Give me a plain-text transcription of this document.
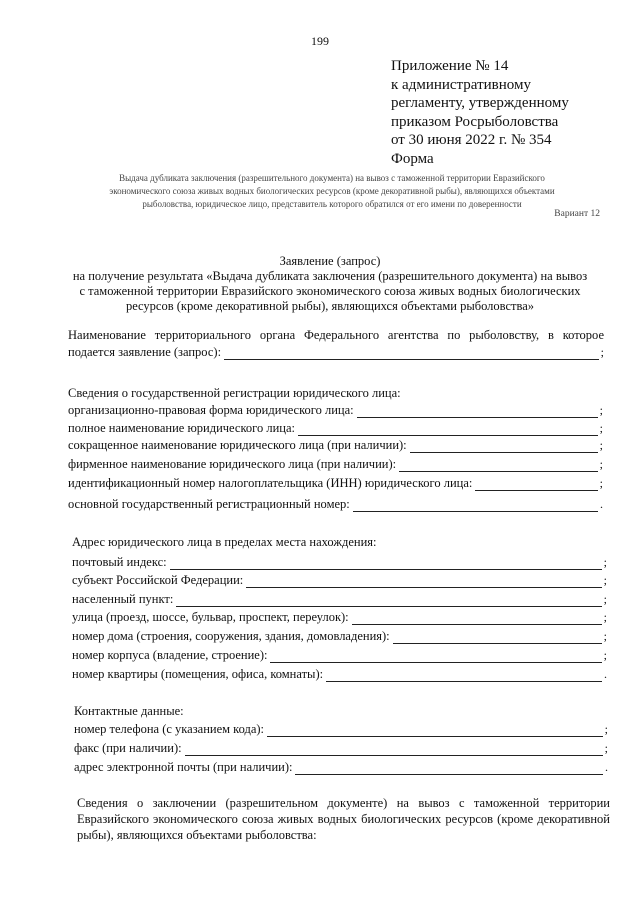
199
Приложение № 14
к административному
регламенту, утвержденному
приказом Росрыболовства
от 30 июня 2022 г. № 354
Форма
Выдача дубликата заключения (разрешительного документа) на вывоз с таможенной территории Евразийского
экономического союза живых водных биологических ресурсов (кроме декоративной рыбы), являющихся объектами
рыболовства, юридическое лицо, представитель которого обратился от его имени по доверенности
Вариант 12
Заявление (запрос)
на получение результата «Выдача дубликата заключения (разрешительного документа) на вывоз
с таможенной территории Евразийского экономического союза живых водных биологических
ресурсов (кроме декоративной рыбы), являющихся объектами рыболовства»
Наименование территориального органа Федерального агентства по рыболовству, в которое
подается заявление (запрос):	;
Сведения о государственной регистрации юридического лица:
организационно-правовая форма юридического лица:	;
полное наименование юридического лица:	;
сокращенное наименование юридического лица (при наличии):	;
фирменное наименование юридического лица (при наличии):	;
идентификационный номер налогоплательщика (ИНН) юридического лица:	;
основной государственный регистрационный номер:	.
Адрес юридического лица в пределах места нахождения:
почтовый индекс:	;
субъект Российской Федерации:	;
населенный пункт:	;
улица (проезд, шоссе, бульвар, проспект, переулок):	;
номер дома (строения, сооружения, здания, домовладения):	;
номер корпуса (владение, строение):	;
номер квартиры (помещения, офиса, комнаты):	.
Контактные данные:
номер телефона (с указанием кода):	;
факс (при наличии):	;
адрес электронной почты (при наличии):	.
Сведения о заключении (разрешительном документе) на вывоз с таможенной территории Евразийского экономического союза живых водных биологических ресурсов (кроме декоративной рыбы), являющихся объектами рыболовства:
